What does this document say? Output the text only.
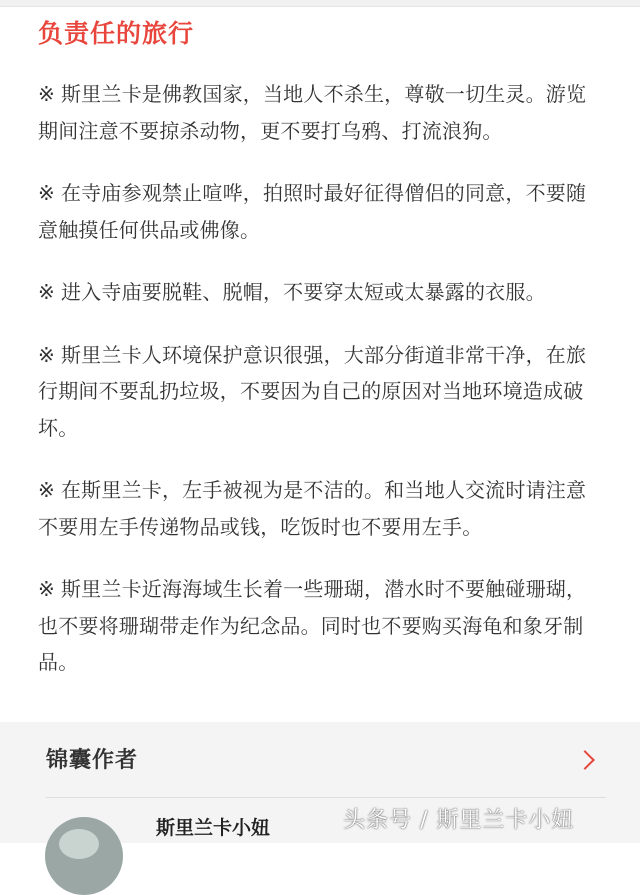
负责任的旅行

※ 斯里兰卡是佛教国家，当地人不杀生，尊敬一切生灵。游览期间注意不要掠杀动物，更不要打乌鸦、打流浪狗。

※ 在寺庙参观禁止喧哗，拍照时最好征得僧侣的同意，不要随意触摸任何供品或佛像。

※ 进入寺庙要脱鞋、脱帽，不要穿太短或太暴露的衣服。

※ 斯里兰卡人环境保护意识很强，大部分街道非常干净，在旅行期间不要乱扔垃圾，不要因为自己的原因对当地环境造成破坏。

※ 在斯里兰卡，左手被视为是不洁的。和当地人交流时请注意不要用左手传递物品或钱，吃饭时也不要用左手。

※ 斯里兰卡近海海域生长着一些珊瑚，潜水时不要触碰珊瑚，也不要将珊瑚带走作为纪念品。同时也不要购买海龟和象牙制品。

锦囊作者
斯里兰卡小妞	头条号 / 斯里兰卡小妞
